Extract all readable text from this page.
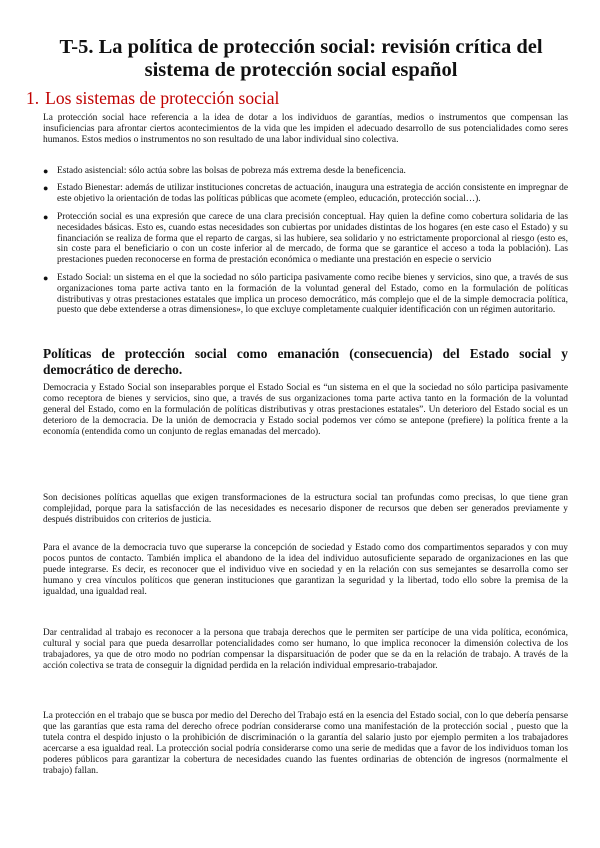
T-5. La política de protección social: revisión crítica del sistema de protección social español
1. Los sistemas de protección social

La protección social hace referencia a la idea de dotar a los individuos de garantías, medios o instrumentos que compensan las insuficiencias para afrontar ciertos acontecimientos de la vida que les impiden el adecuado desarrollo de sus potencialidades como seres humanos. Estos medios o instrumentos no son resultado de una labor individual sino colectiva.

● Estado asistencial: sólo actúa sobre las bolsas de pobreza más extrema desde la beneficencia.
● Estado Bienestar: además de utilizar instituciones concretas de actuación, inaugura una estrategia de acción consistente en impregnar de este objetivo la orientación de todas las políticas públicas que acomete (empleo, educación, protección social…).
● Protección social es una expresión que carece de una clara precisión conceptual. Hay quien la define como cobertura solidaria de las necesidades básicas. Esto es, cuando estas necesidades son cubiertas por unidades distintas de los hogares (en este caso el Estado) y su financiación se realiza de forma que el reparto de cargas, si las hubiere, sea solidario y no estrictamente proporcional al riesgo (esto es, sin coste para el beneficiario o con un coste inferior al de mercado, de forma que se garantice el acceso a toda la población). Las prestaciones pueden reconocerse en forma de prestación económica o mediante una prestación en especie o servicio
● Estado Social: un sistema en el que la sociedad no sólo participa pasivamente como recibe bienes y servicios, sino que, a través de sus organizaciones toma parte activa tanto en la formación de la voluntad general del Estado, como en la formulación de políticas distributivas y otras prestaciones estatales que implica un proceso democrático, más complejo que el de la simple democracia política, puesto que debe extenderse a otras dimensiones», lo que excluye completamente cualquier identificación con un régimen autoritario.
Políticas de protección social como emanación (consecuencia) del Estado social y democrático de derecho.

Democracia y Estado Social son inseparables porque el Estado Social es “un sistema en el que la sociedad no sólo participa pasivamente como receptora de bienes y servicios, sino que, a través de sus organizaciones toma parte activa tanto en la formación de la voluntad general del Estado, como en la formulación de políticas distributivas y otras prestaciones estatales”. Un deterioro del Estado social es un deterioro de la democracia. De la unión de democracia y Estado social podemos ver cómo se antepone (prefiere) la política frente a la economía (entendida como un conjunto de reglas emanadas del mercado).

Son decisiones políticas aquellas que exigen transformaciones de la estructura social tan profundas como precisas, lo que tiene gran complejidad, porque para la satisfacción de las necesidades es necesario disponer de recursos que deben ser generados previamente y después distribuidos con criterios de justicia.

Para el avance de la democracia tuvo que superarse la concepción de sociedad y Estado como dos compartimentos separados y con muy pocos puntos de contacto. También implica el abandono de la idea del individuo autosuficiente separado de organizaciones en las que puede integrarse. Es decir, es reconocer que el individuo vive en sociedad y en la relación con sus semejantes se desarrolla como ser humano y crea vínculos políticos que generan instituciones que garantizan la seguridad y la libertad, todo ello sobre la premisa de la igualdad, una igualdad real.

Dar centralidad al trabajo es reconocer a la persona que trabaja derechos que le permiten ser partícipe de una vida política, económica, cultural y social para que pueda desarrollar potencialidades como ser humano, lo que implica reconocer la dimensión colectiva de los trabajadores, ya que de otro modo no podrían compensar la disparsituación de poder que se da en la relación de trabajo. A través de la acción colectiva se trata de conseguir la dignidad perdida en la relación individual empresario-trabajador.

La protección en el trabajo que se busca por medio del Derecho del Trabajo está en la esencia del Estado social, con lo que debería pensarse que las garantías que esta rama del derecho ofrece podrían considerarse como una manifestación de la protección social , puesto que la tutela contra el despido injusto o la prohibición de discriminación o la garantía del salario justo por ejemplo permiten a los trabajadores acercarse a esa igualdad real. La protección social podría considerarse como una serie de medidas que a favor de los individuos toman los poderes públicos para garantizar la cobertura de necesidades cuando las fuentes ordinarias de obtención de ingresos (normalmente el trabajo) fallan.
